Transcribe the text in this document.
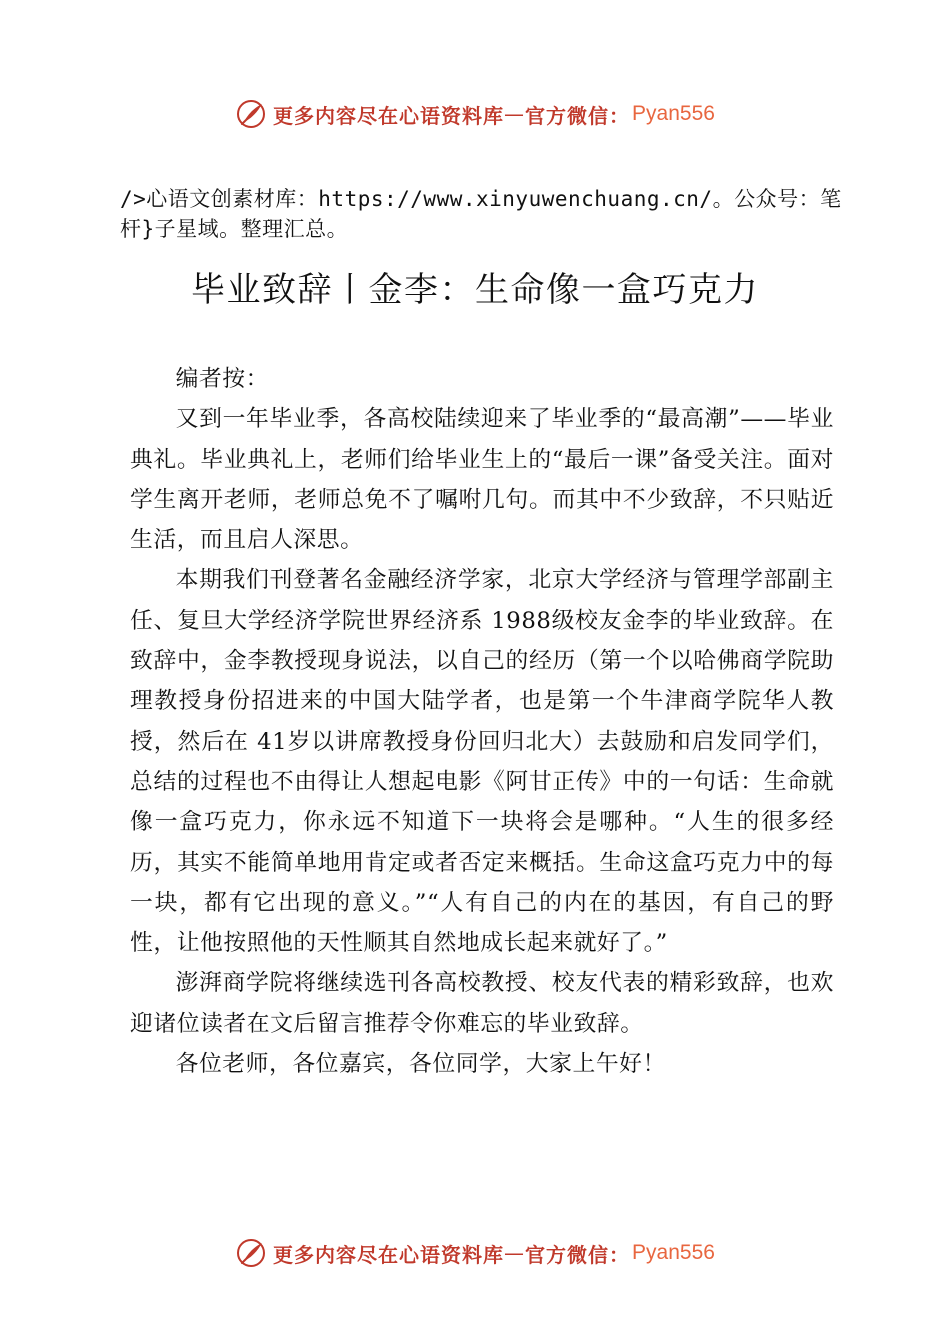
更多内容尽在心语资料库 — 官方微信： Pyan556
/>心语文创素材库：https://www.xinyuwenchuang.cn/。公众号：笔杆}子星域。整理汇总。
毕业致辞丨金李：生命像一盒巧克力

编者按：

又到一年毕业季，各高校陆续迎来了毕业季的“最高潮”——毕业典礼。毕业典礼上，老师们给毕业生上的“最后一课”备受关注。面对学生离开老师，老师总免不了嘱咐几句。而其中不少致辞，不只贴近生活，而且启人深思。

本期我们刊登著名金融经济学家，北京大学经济与管理学部副主任、复旦大学经济学院世界经济系 1988级校友金李的毕业致辞。在致辞中，金李教授现身说法，以自己的经历（第一个以哈佛商学院助理教授身份招进来的中国大陆学者，也是第一个牛津商学院华人教授，然后在 41岁以讲席教授身份回归北大）去鼓励和启发同学们，总结的过程也不由得让人想起电影《阿甘正传》中的一句话：生命就像一盒巧克力，你永远不知道下一块将会是哪种。“人生的很多经历，其实不能简单地用肯定或者否定来概括。生命这盒巧克力中的每一块，都有它出现的意义。”“人有自己的内在的基因，有自己的野性，让他按照他的天性顺其自然地成长起来就好了。”

澎湃商学院将继续选刊各高校教授、校友代表的精彩致辞，也欢迎诸位读者在文后留言推荐令你难忘的毕业致辞。

各位老师，各位嘉宾，各位同学，大家上午好！

更多内容尽在心语资料库 — 官方微信： Pyan556
